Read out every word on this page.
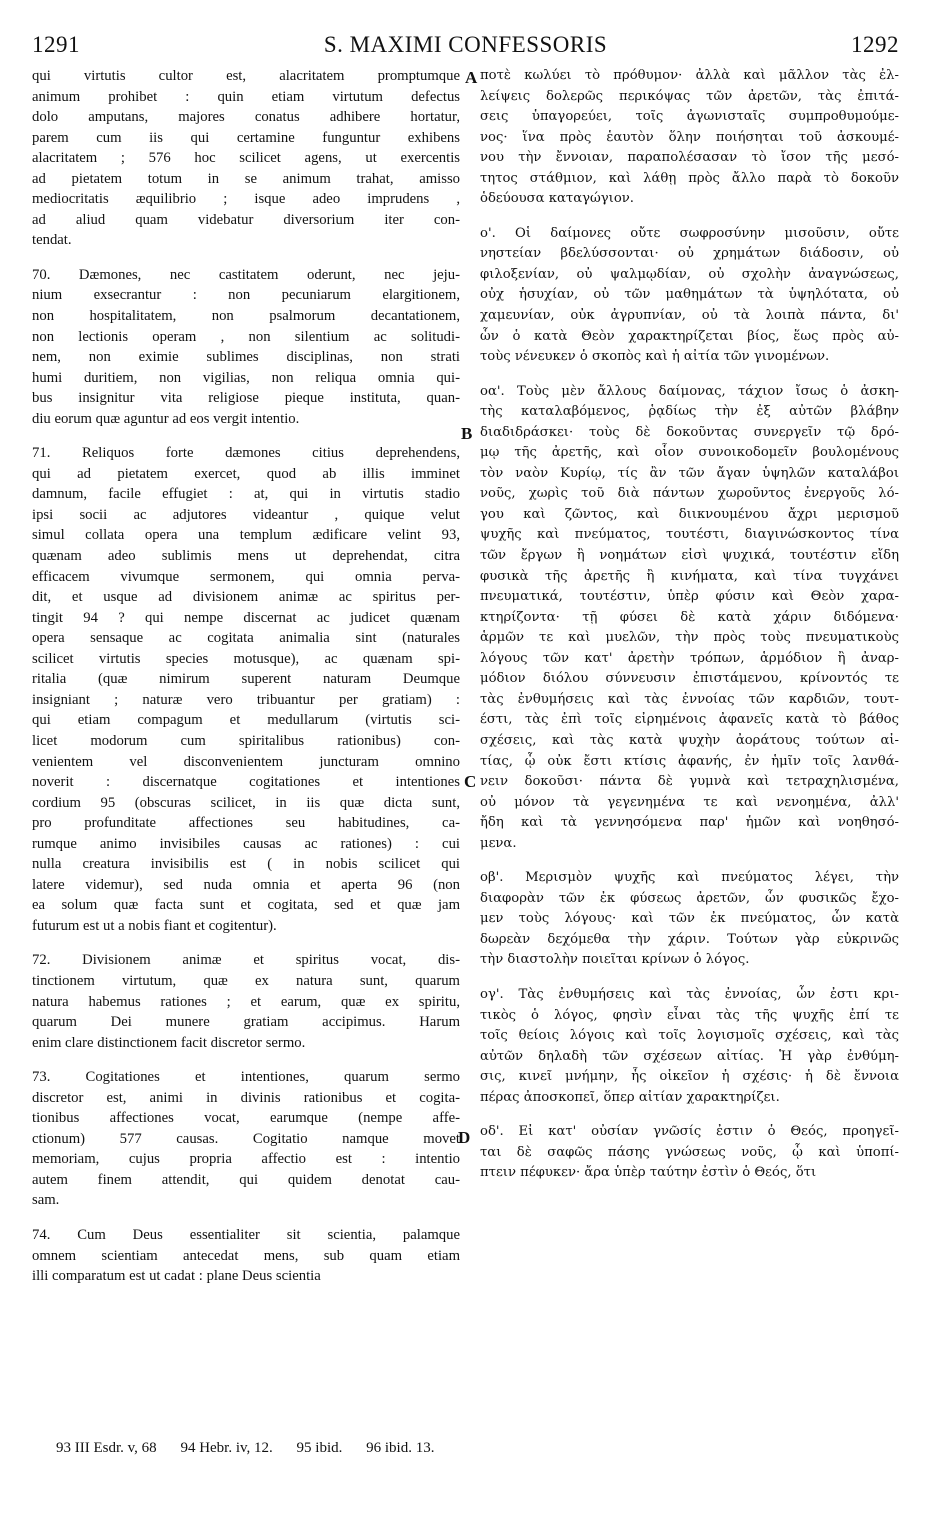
1291	S. MAXIMI CONFESSORIS	1292
qui virtutis cultor est, alacritatem promptumque
animum prohibet : quin etiam virtutum defectus
dolo amputans, majores conatus adhibere hortatur,
parem cum iis qui certamine funguntur exhibens
alacritatem ; 576 hoc scilicet agens, ut exercentis
ad pietatem totum in se animum trahat, amisso
mediocritatis æquilibrio ; isque adeo imprudens ,
ad aliud quam videbatur diversorium iter con-
tendat.
70. Dæmones, nec castitatem oderunt, nec jeju-
nium exsecrantur : non pecuniarum elargitionem,
non hospitalitatem, non psalmorum decantationem,
non lectionis operam , non silentium ac solitudi-
nem, non eximie sublimes disciplinas, non strati
humi duritiem, non vigilias, non reliqua omnia qui-
bus insignitur vita religiose pieque instituta, quan-
diu eorum quæ aguntur ad eos vergit intentio.
71. Reliquos forte dæmones citius deprehendens,
qui ad pietatem exercet, quod ab illis imminet
damnum, facile effugiet : at, qui in virtutis stadio
ipsi socii ac adjutores videantur , quique velut
simul collata opera una templum ædificare velint 93,
quænam adeo sublimis mens ut deprehendat, citra
efficacem vivumque sermonem, qui omnia perva-
dit, et usque ad divisionem animæ ac spiritus per-
tingit 94 ? qui nempe discernat ac judicet quænam
opera sensaque ac cogitata animalia sint (naturales
scilicet virtutis species motusque), ac quænam spi-
ritalia (quæ nimirum superent naturam Deumque
insigniant ; naturæ vero tribuantur per gratiam) :
qui etiam compagum et medullarum (virtutis sci-
licet modorum cum spiritalibus rationibus) con-
venientem vel disconvenientem juncturam omnino
noverit : discernatque cogitationes et intentiones
cordium 95 (obscuras scilicet, in iis quæ dicta sunt,
pro profunditate affectiones seu habitudines, ca-
rumque animo invisibiles causas ac rationes) : cui
nulla creatura invisibilis est ( in nobis scilicet qui
latere videmur), sed nuda omnia et aperta 96 (non
ea solum quæ facta sunt et cogitata, sed et quæ jam
futurum est ut a nobis fiant et cogitentur).
72. Divisionem animæ et spiritus vocat, dis-
tinctionem virtutum, quæ ex natura sunt, quarum
natura habemus rationes ; et earum, quæ ex spiritu,
quarum Dei munere gratiam accipimus. Harum
enim clare distinctionem facit discretor sermo.
73. Cogitationes et intentiones, quarum sermo
discretor est, animi in divinis rationibus et cogita-
tionibus affectiones vocat, earumque (nempe affe-
ctionum) 577 causas. Cogitatio namque movet
memoriam, cujus propria affectio est : intentio
autem finem attendit, qui quidem denotat cau-
sam.
74. Cum Deus essentialiter sit scientia, palamque
omnem scientiam antecedat mens, sub quam etiam
illi comparatum est ut cadat : plane Deus scientia
ποτὲ κωλύει τὸ πρόθυμον· ἀλλὰ καὶ μᾶλλον τὰς ἐλ-
λείψεις δολερῶς περικόψας τῶν ἀρετῶν, τὰς ἐπιτά-
σεις ὑπαγορεύει, τοῖς ἀγωνισταῖς συμπροθυμούμε-
νος· ἵνα πρὸς ἑαυτὸν ὅλην ποιήσηται τοῦ ἀσκουμέ-
νου τὴν ἔννοιαν, παραπολέσασαν τὸ ἴσον τῆς μεσό-
τητος στάθμιον, καὶ λάθῃ πρὸς ἄλλο παρὰ τὸ δοκοῦν
ὁδεύουσα καταγώγιον.
ο'. Οἱ δαίμονες οὔτε σωφροσύνην μισοῦσιν, οὔτε
νηστείαν βδελύσσονται· οὐ χρημάτων διάδοσιν, οὐ
φιλοξενίαν, οὐ ψαλμῳδίαν, οὐ σχολὴν ἀναγνώσεως,
οὐχ ἡσυχίαν, οὐ τῶν μαθημάτων τὰ ὑψηλότατα, οὐ
χαμευνίαν, οὐκ ἀγρυπνίαν, οὐ τὰ λοιπὰ πάντα, δι'
ὧν ὁ κατὰ Θεὸν χαρακτηρίζεται βίος, ἕως πρὸς αὐ-
τοὺς νένευκεν ὁ σκοπὸς καὶ ἡ αἰτία τῶν γινομένων.
οα'. Τοὺς μὲν ἄλλους δαίμονας, τάχιον ἴσως ὁ ἀσκη-
τὴς καταλαβόμενος, ῥᾳδίως τὴν ἐξ αὐτῶν βλάβην
διαδιδράσκει· τοὺς δὲ δοκοῦντας συνεργεῖν τῷ δρό-
μῳ τῆς ἀρετῆς, καὶ οἷον συνοικοδομεῖν βουλομένους
τὸν ναὸν Κυρίῳ, τίς ἂν τῶν ἄγαν ὑψηλῶν καταλάβοι
νοῦς, χωρὶς τοῦ διὰ πάντων χωροῦντος ἐνεργοῦς λό-
γου καὶ ζῶντος, καὶ διικνουμένου ἄχρι μερισμοῦ
ψυχῆς καὶ πνεύματος, τουτέστι, διαγινώσκοντος τίνα
τῶν ἔργων ἢ νοημάτων εἰσὶ ψυχικά, τουτέστιν εἴδη
φυσικὰ τῆς ἀρετῆς ἢ κινήματα, καὶ τίνα τυγχάνει
πνευματικά, τουτέστιν, ὑπὲρ φύσιν καὶ Θεὸν χαρα-
κτηρίζοντα· τῇ φύσει δὲ κατὰ χάριν διδόμενα·
ἁρμῶν τε καὶ μυελῶν, τὴν πρὸς τοὺς πνευματικοὺς
λόγους τῶν κατ' ἀρετὴν τρόπων, ἁρμόδιον ἢ ἀναρ-
μόδιον διόλου σύννευσιν ἐπιστάμενου, κρίνοντός τε
τὰς ἐνθυμήσεις καὶ τὰς ἐννοίας τῶν καρδιῶν, τουτ-
έστι, τὰς ἐπὶ τοῖς εἰρημένοις ἀφανεῖς κατὰ τὸ βάθος
σχέσεις, καὶ τὰς κατὰ ψυχὴν ἀοράτους τούτων αἰ-
τίας, ᾧ οὐκ ἔστι κτίσις ἀφανής, ἐν ἡμῖν τοῖς λανθά-
νειν δοκοῦσι· πάντα δὲ γυμνὰ καὶ τετραχηλισμένα,
οὐ μόνον τὰ γεγενημένα τε καὶ νενοημένα, ἀλλ'
ἤδη καὶ τὰ γεννησόμενα παρ' ἡμῶν καὶ νοηθησό-
μενα.
οβ'. Μερισμὸν ψυχῆς καὶ πνεύματος λέγει, τὴν
διαφορὰν τῶν ἐκ φύσεως ἀρετῶν, ὧν φυσικῶς ἔχο-
μεν τοὺς λόγους· καὶ τῶν ἐκ πνεύματος, ὧν κατὰ
δωρεὰν δεχόμεθα τὴν χάριν. Τούτων γὰρ εὐκρινῶς
τὴν διαστολὴν ποιεῖται κρίνων ὁ λόγος.
ογ'. Τὰς ἐνθυμήσεις καὶ τὰς ἐννοίας, ὧν ἐστι κρι-
τικὸς ὁ λόγος, φησὶν εἶναι τὰς τῆς ψυχῆς ἐπί τε
τοῖς θείοις λόγοις καὶ τοῖς λογισμοῖς σχέσεις, καὶ τὰς
αὐτῶν δηλαδὴ τῶν σχέσεων αἰτίας. Ἡ γὰρ ἐνθύμη-
σις, κινεῖ μνήμην, ἧς οἰκεῖον ἡ σχέσις· ἡ δὲ ἔννοια
πέρας ἀποσκοπεῖ, ὅπερ αἰτίαν χαρακτηρίζει.
οδ'. Εἰ κατ' οὐσίαν γνῶσίς ἐστιν ὁ Θεός, προηγεῖ-
ται δὲ σαφῶς πάσης γνώσεως νοῦς, ᾧ καὶ ὑποπί-
πτειν πέφυκεν· ἄρα ὑπὲρ ταύτην ἐστὶν ὁ Θεός, ὅτι
A
B
C
D
93 III Esdr. v, 68 94 Hebr. iv, 12. 95 ibid. 96 ibid. 13.
